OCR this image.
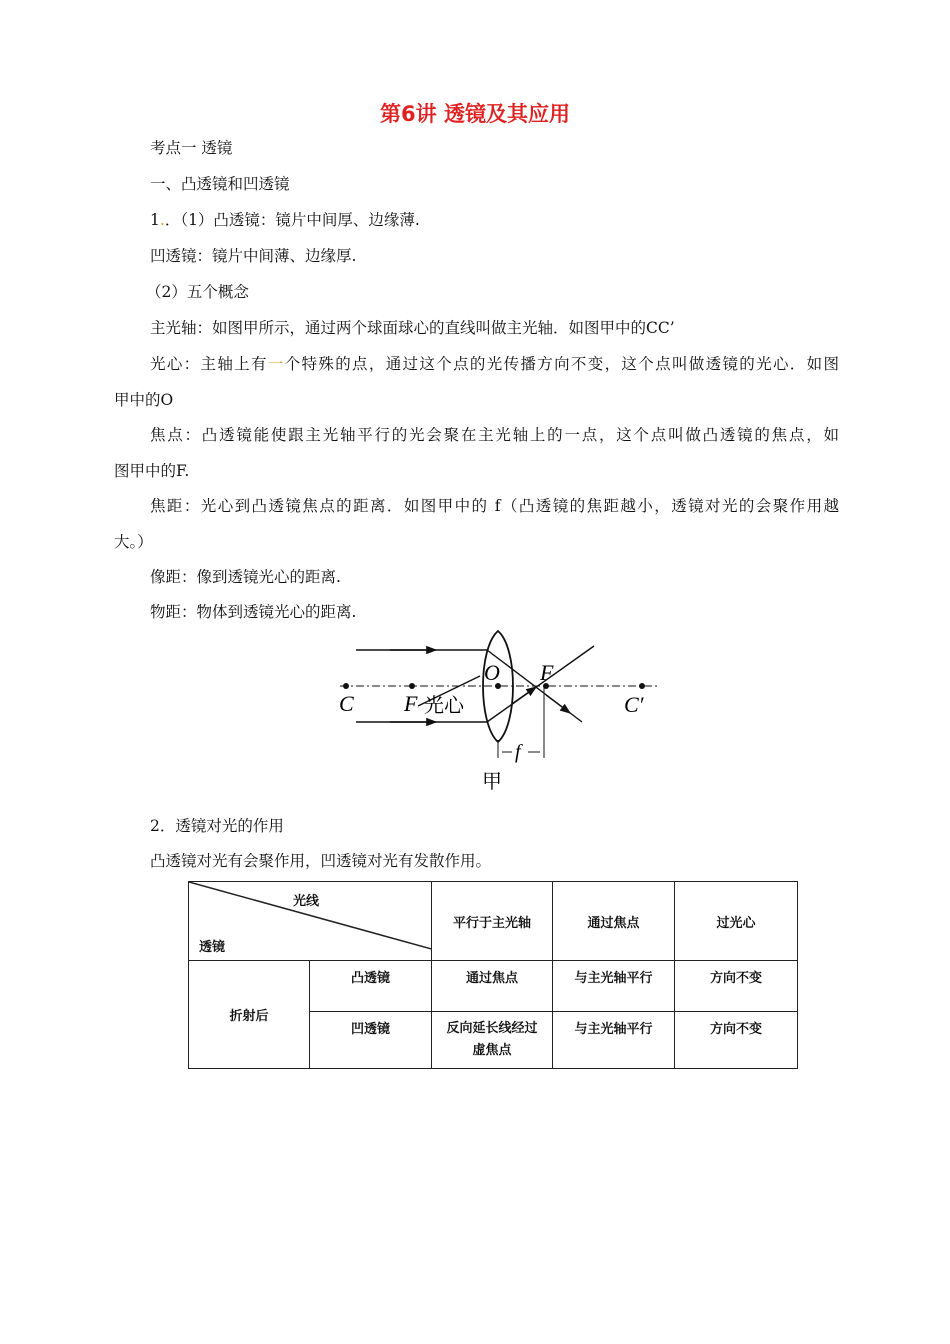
第6讲 透镜及其应用
考点一 透镜
一、凸透镜和凹透镜
1.．（1）凸透镜：镜片中间厚、边缘薄.
凹透镜：镜片中间薄、边缘厚.
（2）五个概念
主光轴：如图甲所示，通过两个球面球心的直线叫做主光轴．如图甲中的CC’
光心：主轴上有一个特殊的点，通过这个点的光传播方向不变，这个点叫做透镜的光心．如图
甲中的O
焦点：凸透镜能使跟主光轴平行的光会聚在主光轴上的一点，这个点叫做凸透镜的焦点，如
图甲中的F.
焦距：光心到凸透镜焦点的距离．如图甲中的 f（凸透镜的焦距越小，透镜对光的会聚作用越
大。）
像距：像到透镜光心的距离.
物距：物体到透镜光心的距离.
C F 光心
O F
C′
f
甲
2．透镜对光的作用
凸透镜对光有会聚作用，凹透镜对光有发散作用。
光线
透镜		平行于主光轴	通过焦点	过光心
折射后	凸透镜	通过焦点	与主光轴平行	方向不变
	凹透镜	反向延长线经过虚焦点	与主光轴平行	方向不变
